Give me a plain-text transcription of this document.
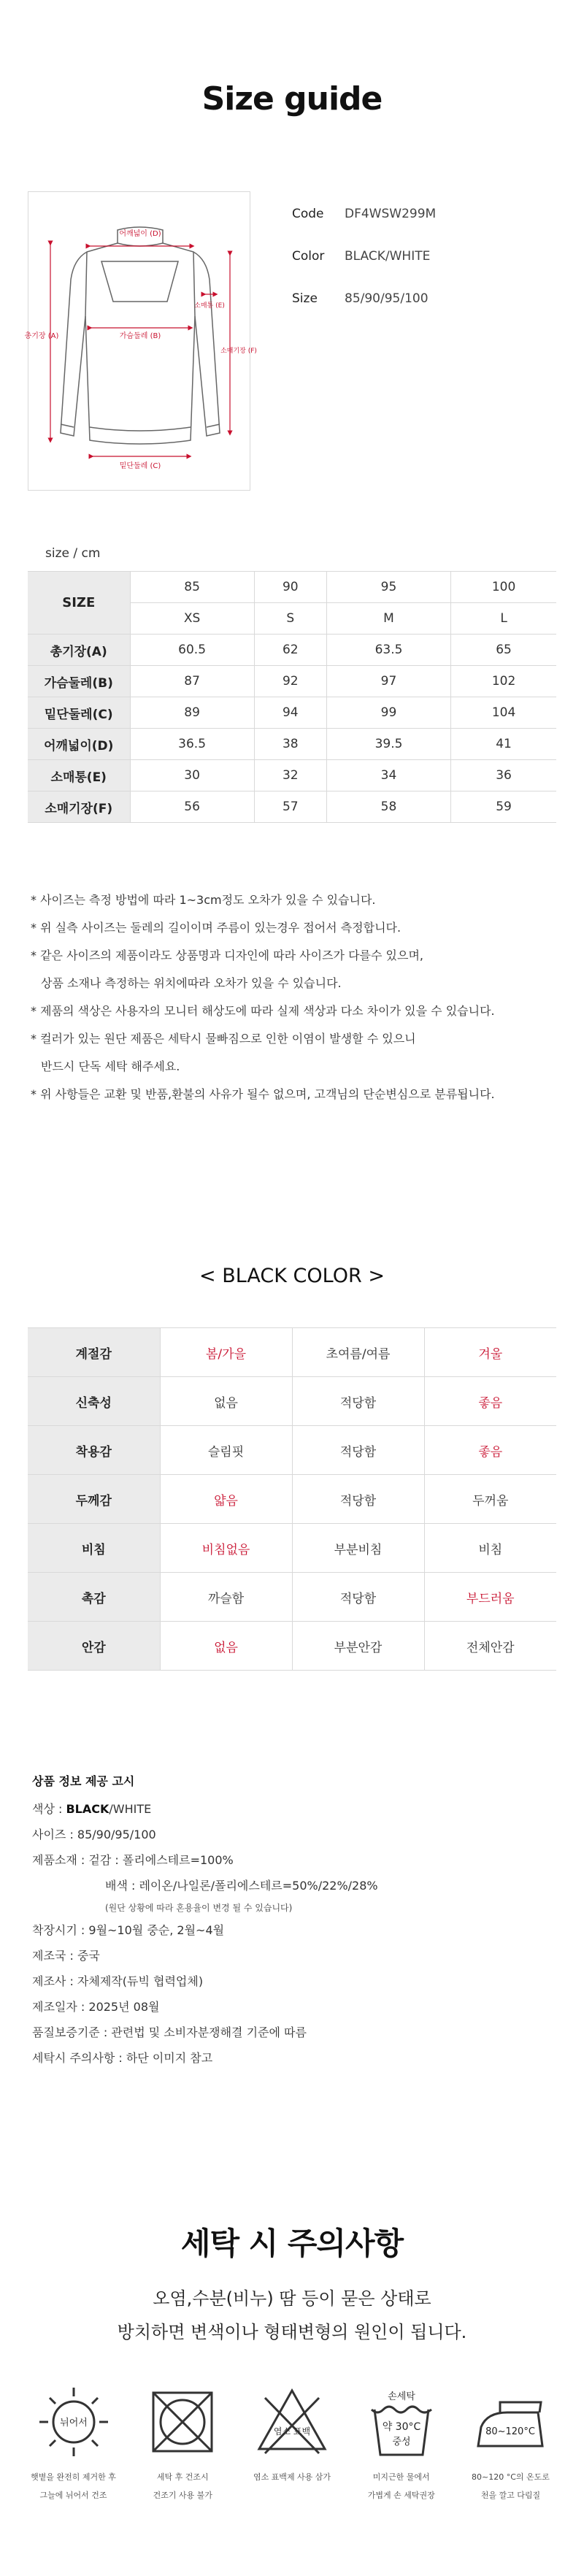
Size guide
어깨넓이 (D)
가슴둘레 (B)
밑단둘레 (C)
총기장 (A)
소매통 (E)
소매기장 (F)
Code	DF4WSW299M
Color	BLACK/WHITE
Size	85/90/95/100
size / cm
SIZE	85	90	95	100
	XS	S	M	L
총기장(A)	60.5	62	63.5	65
가슴둘레(B)	87	92	97	102
밑단둘레(C)	89	94	99	104
어깨넓이(D)	36.5	38	39.5	41
소매통(E)	30	32	34	36
소매기장(F)	56	57	58	59

* 사이즈는 측정 방법에 따라 1~3cm정도 오차가 있을 수 있습니다.

* 위 실측 사이즈는 둘레의 길이이며 주름이 있는경우 접어서 측정합니다.

* 같은 사이즈의 제품이라도 상품명과 디자인에 따라 사이즈가 다를수 있으며,

상품 소재나 측정하는 위치에따라 오차가 있을 수 있습니다.

* 제품의 색상은 사용자의 모니터 해상도에 따라 실제 색상과 다소 차이가 있을 수 있습니다.

* 컬러가 있는 원단 제품은 세탁시 물빠짐으로 인한 이염이 발생할 수 있으니

반드시 단독 세탁 해주세요.

* 위 사항들은 교환 및 반품,환불의 사유가 될수 없으며, 고객님의 단순변심으로 분류됩니다.

< BLACK COLOR >
계절감	봄/가을	초여름/여름	겨울
신축성	없음	적당함	좋음
착용감	슬림핏	적당함	좋음
두께감	얇음	적당함	두꺼움
비침	비침없음	부분비침	비침
촉감	까슬함	적당함	부드러움
안감	없음	부분안감	전체안감
상품 정보 제공 고시

색상 : BLACK/WHITE

사이즈 : 85/90/95/100

제품소재 : 겉감 : 폴리에스테르=100%

배색 : 레이온/나일론/폴리에스테르=50%/22%/28%

(원단 상황에 따라 혼용율이 변경 될 수 있습니다)

착장시기 : 9월~10월 중순, 2월~4월

제조국 : 중국

제조사 : 자체제작(듀빅 협력업체)

제조일자 : 2025년 08월

품질보증기준 : 관련법 및 소비자분쟁해결 기준에 따름

세탁시 주의사항 : 하단 이미지 참고

세탁 시 주의사항
오염,수분(비누) 땀 등이 묻은 상태로
방치하면 변색이나 형태변형의 원인이 됩니다.
뉘어서
햇볕을 완전히 제거한 후
그늘에 뉘어서 건조
세탁 후 건조시
건조기 사용 불가
염소 표백
염소 표백제 사용 삼가
손세탁
약 30°C
중성
미지근한 물에서
가볍게 손 세탁권장
80~120°C
80~120 °C의 온도로
천을 깔고 다림질
